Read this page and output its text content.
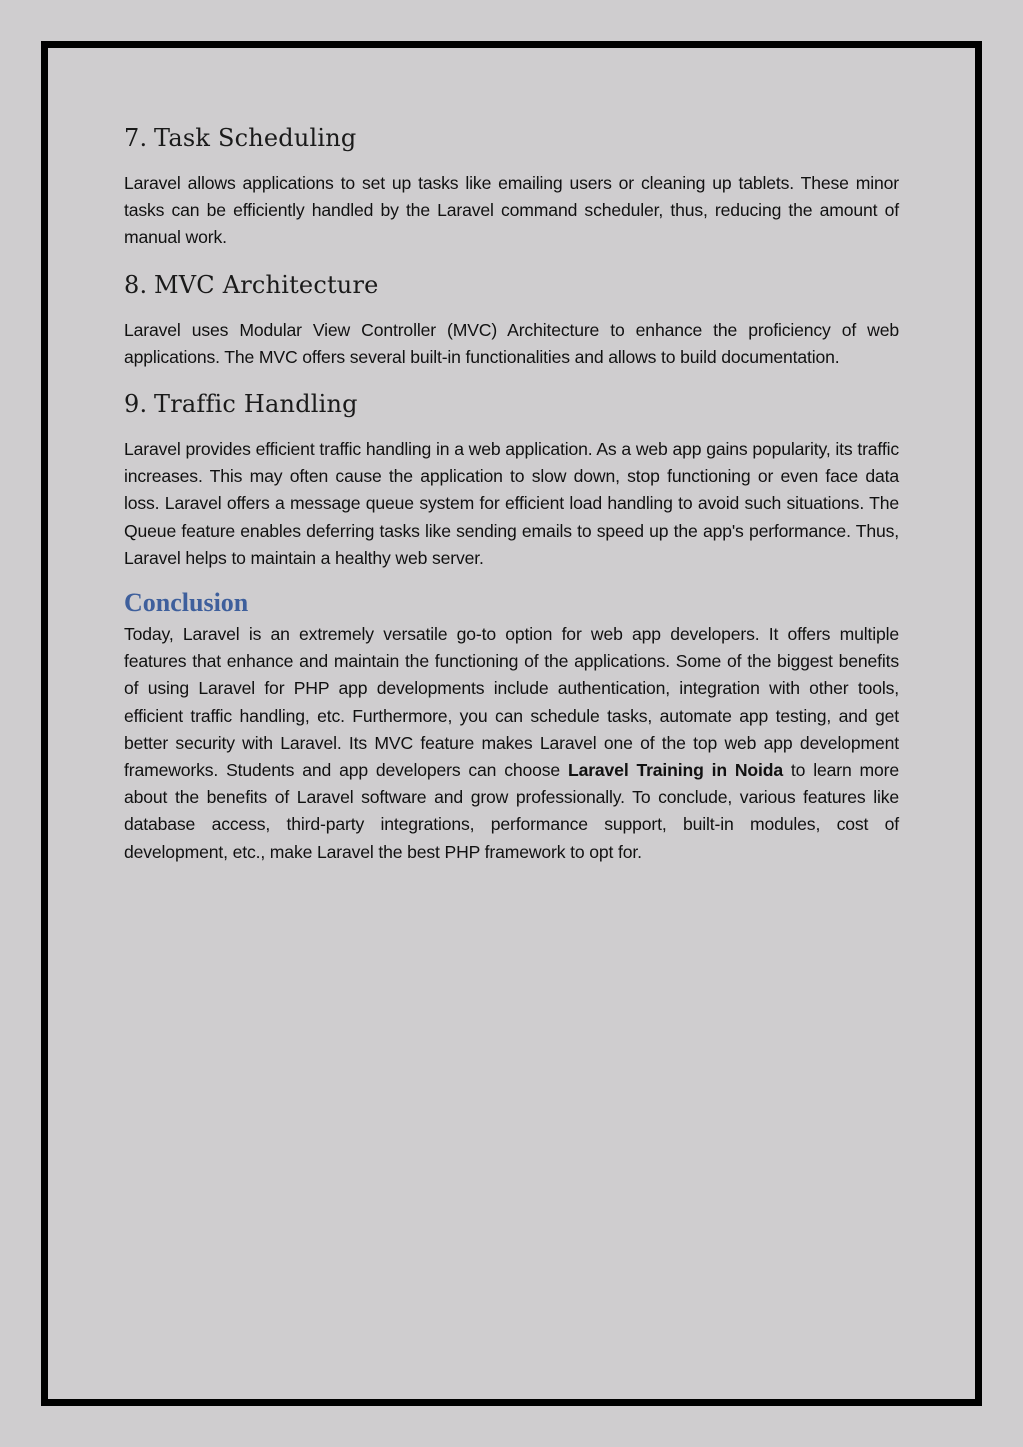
7. Task Scheduling

Laravel allows applications to set up tasks like emailing users or cleaning up tablets. These minor tasks can be efficiently handled by the Laravel command scheduler, thus, reducing the amount of manual work.

8. MVC Architecture

Laravel uses Modular View Controller (MVC) Architecture to enhance the proficiency of web applications. The MVC offers several built-in functionalities and allows to build documentation.

9. Traffic Handling

Laravel provides efficient traffic handling in a web application. As a web app gains popularity, its traffic increases. This may often cause the application to slow down, stop functioning or even face data loss. Laravel offers a message queue system for efficient load handling to avoid such situations. The Queue feature enables deferring tasks like sending emails to speed up the app's performance. Thus, Laravel helps to maintain a healthy web server.

Conclusion

Today, Laravel is an extremely versatile go-to option for web app developers. It offers multiple features that enhance and maintain the functioning of the applications. Some of the biggest benefits of using Laravel for PHP app developments include authentication, integration with other tools, efficient traffic handling, etc. Furthermore, you can schedule tasks, automate app testing, and get better security with Laravel. Its MVC feature makes Laravel one of the top web app development frameworks. Students and app developers can choose Laravel Training in Noida to learn more about the benefits of Laravel software and grow professionally. To conclude, various features like database access, third-party integrations, performance support, built-in modules, cost of development, etc., make Laravel the best PHP framework to opt for.
